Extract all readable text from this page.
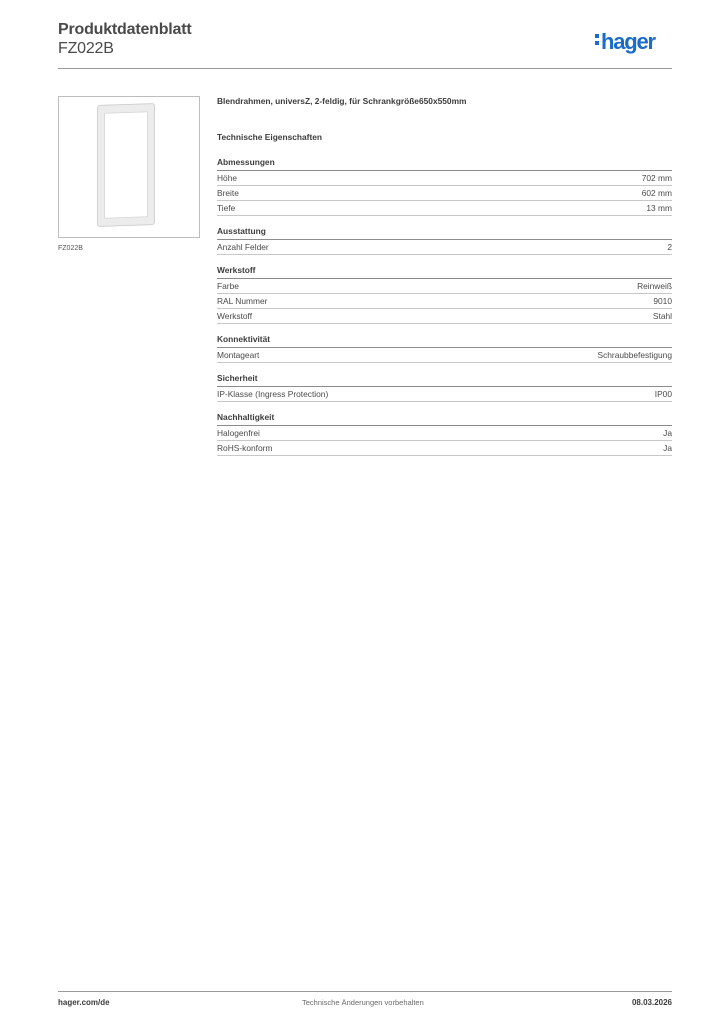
Produktdatenblatt
FZ022B	hager
FZ022B
Blendrahmen, universZ, 2-feldig, für Schrankgröße650x550mm
Technische Eigenschaften
Abmessungen
Höhe	702 mm
Breite	602 mm
Tiefe	13 mm
Ausstattung
Anzahl Felder	2
Werkstoff
Farbe	Reinweiß
RAL Nummer	9010
Werkstoff	Stahl
Konnektivität
Montageart	Schraubbefestigung
Sicherheit
IP-Klasse (Ingress Protection)	IP00
Nachhaltigkeit
Halogenfrei	Ja
RoHS-konform	Ja
hager.com/de	Technische Änderungen vorbehalten	08.03.2026
